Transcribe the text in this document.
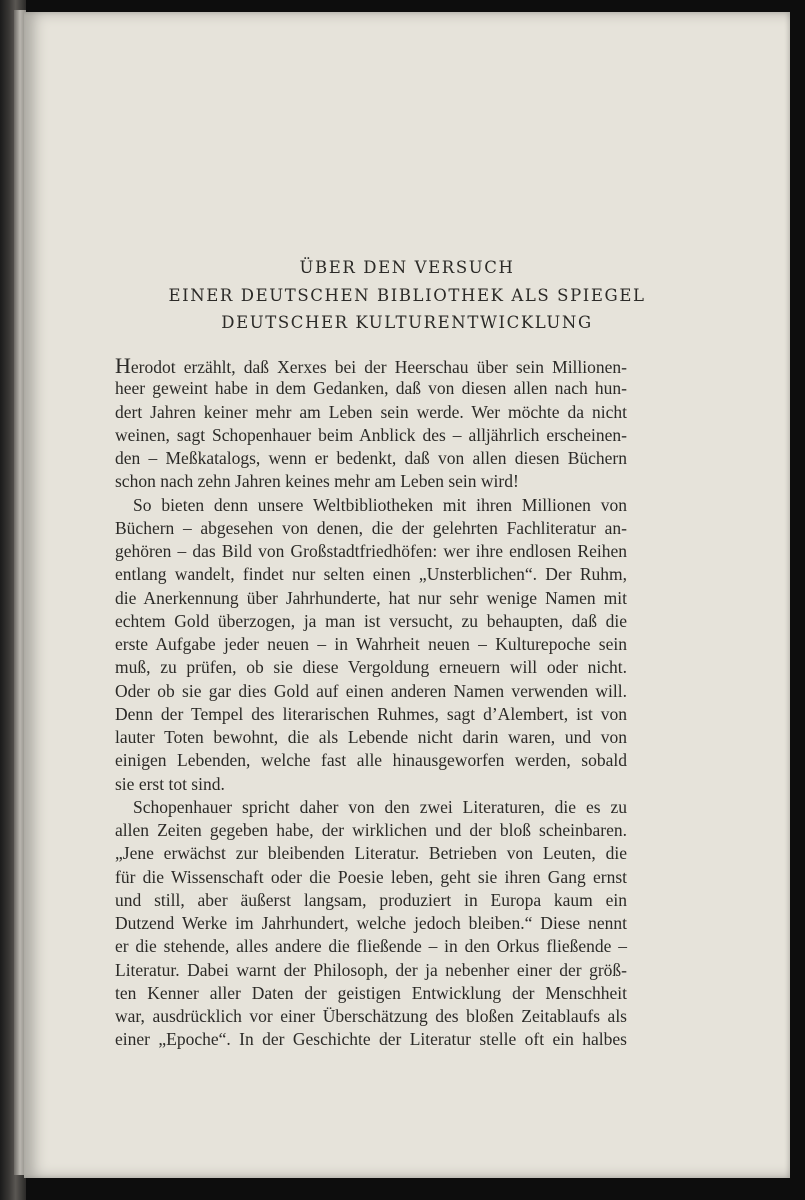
ÜBER DEN VERSUCH
EINER DEUTSCHEN BIBLIOTHEK ALS SPIEGEL
DEUTSCHER KULTURENTWICKLUNG
Herodot erzählt, daß Xerxes bei der Heerschau über sein Millionen-
heer geweint habe in dem Gedanken, daß von diesen allen nach hun-
dert Jahren keiner mehr am Leben sein werde. Wer möchte da nicht
weinen, sagt Schopenhauer beim Anblick des – alljährlich erscheinen-
den – Meßkatalogs, wenn er bedenkt, daß von allen diesen Büchern
schon nach zehn Jahren keines mehr am Leben sein wird!
So bieten denn unsere Weltbibliotheken mit ihren Millionen von
Büchern – abgesehen von denen, die der gelehrten Fachliteratur an-
gehören – das Bild von Großstadtfriedhöfen: wer ihre endlosen Reihen
entlang wandelt, findet nur selten einen „Unsterblichen“. Der Ruhm,
die Anerkennung über Jahrhunderte, hat nur sehr wenige Namen mit
echtem Gold überzogen, ja man ist versucht, zu behaupten, daß die
erste Aufgabe jeder neuen – in Wahrheit neuen – Kulturepoche sein
muß, zu prüfen, ob sie diese Vergoldung erneuern will oder nicht.
Oder ob sie gar dies Gold auf einen anderen Namen verwenden will.
Denn der Tempel des literarischen Ruhmes, sagt d’Alembert, ist von
lauter Toten bewohnt, die als Lebende nicht darin waren, und von
einigen Lebenden, welche fast alle hinausgeworfen werden, sobald
sie erst tot sind.
Schopenhauer spricht daher von den zwei Literaturen, die es zu
allen Zeiten gegeben habe, der wirklichen und der bloß scheinbaren.
„Jene erwächst zur bleibenden Literatur. Betrieben von Leuten, die
für die Wissenschaft oder die Poesie leben, geht sie ihren Gang ernst
und still, aber äußerst langsam, produziert in Europa kaum ein
Dutzend Werke im Jahrhundert, welche jedoch bleiben.“ Diese nennt
er die stehende, alles andere die fließende – in den Orkus fließende –
Literatur. Dabei warnt der Philosoph, der ja nebenher einer der größ-
ten Kenner aller Daten der geistigen Entwicklung der Menschheit
war, ausdrücklich vor einer Überschätzung des bloßen Zeitablaufs als
einer „Epoche“. In der Geschichte der Literatur stelle oft ein halbes
